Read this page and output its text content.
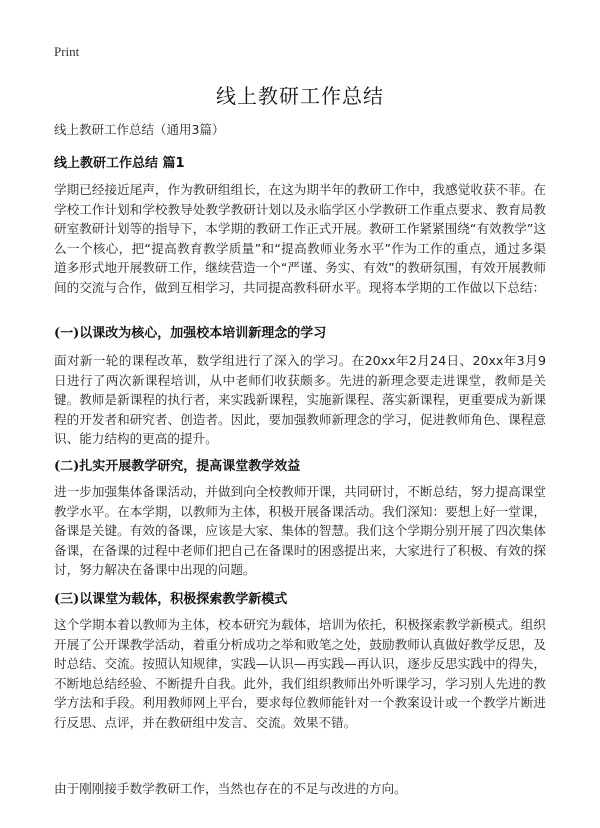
Print
线上教研工作总结
线上教研工作总结（通用3篇）
线上教研工作总结 篇1

学期已经接近尾声，作为教研组组长，在这为期半年的教研工作中，我感觉收获不菲。在学校工作计划和学校教导处教学教研计划以及永临学区小学教研工作重点要求、教育局教研室教研计划等的指导下，本学期的教研工作正式开展。教研工作紧紧围绕“有效教学”这么一个核心，把“提高教育教学质量”和“提高教师业务水平”作为工作的重点，通过多渠道多形式地开展教研工作，继续营造一个“严谨、务实、有效”的教研氛围，有效开展教师间的交流与合作，做到互相学习，共同提高教科研水平。现将本学期的工作做以下总结：

(一)以课改为核心，加强校本培训新理念的学习

面对新一轮的课程改革，数学组进行了深入的学习。在20xx年2月24日、20xx年3月9日进行了两次新课程培训，从中老师们收获颇多。先进的新理念要走进课堂，教师是关键。教师是新课程的执行者，来实践新课程，实施新课程、落实新课程，更重要成为新课程的开发者和研究者、创造者。因此，要加强教师新理念的学习，促进教师角色、课程意识、能力结构的更高的提升。

(二)扎实开展教学研究，提高课堂教学效益

进一步加强集体备课活动，并做到向全校教师开课，共同研讨，不断总结，努力提高课堂教学水平。在本学期，以教师为主体，积极开展备课活动。我们深知：要想上好一堂课，备课是关键。有效的备课，应该是大家、集体的智慧。我们这个学期分别开展了四次集体备课，在备课的过程中老师们把自己在备课时的困惑提出来，大家进行了积极、有效的探讨，努力解决在备课中出现的问题。

(三)以课堂为载体，积极探索教学新模式

这个学期本着以教师为主体，校本研究为载体，培训为依托，积极探索教学新模式。组织开展了公开课教学活动，着重分析成功之举和败笔之处，鼓励教师认真做好教学反思，及时总结、交流。按照认知规律，实践—认识—再实践—再认识，逐步反思实践中的得失，不断地总结经验、不断提升自我。此外，我们组织教师出外听课学习，学习别人先进的教学方法和手段。利用教师网上平台，要求每位教师能针对一个教案设计或一个教学片断进行反思、点评，并在教研组中发言、交流。效果不错。

由于刚刚接手数学教研工作，当然也存在的不足与改进的方向。
